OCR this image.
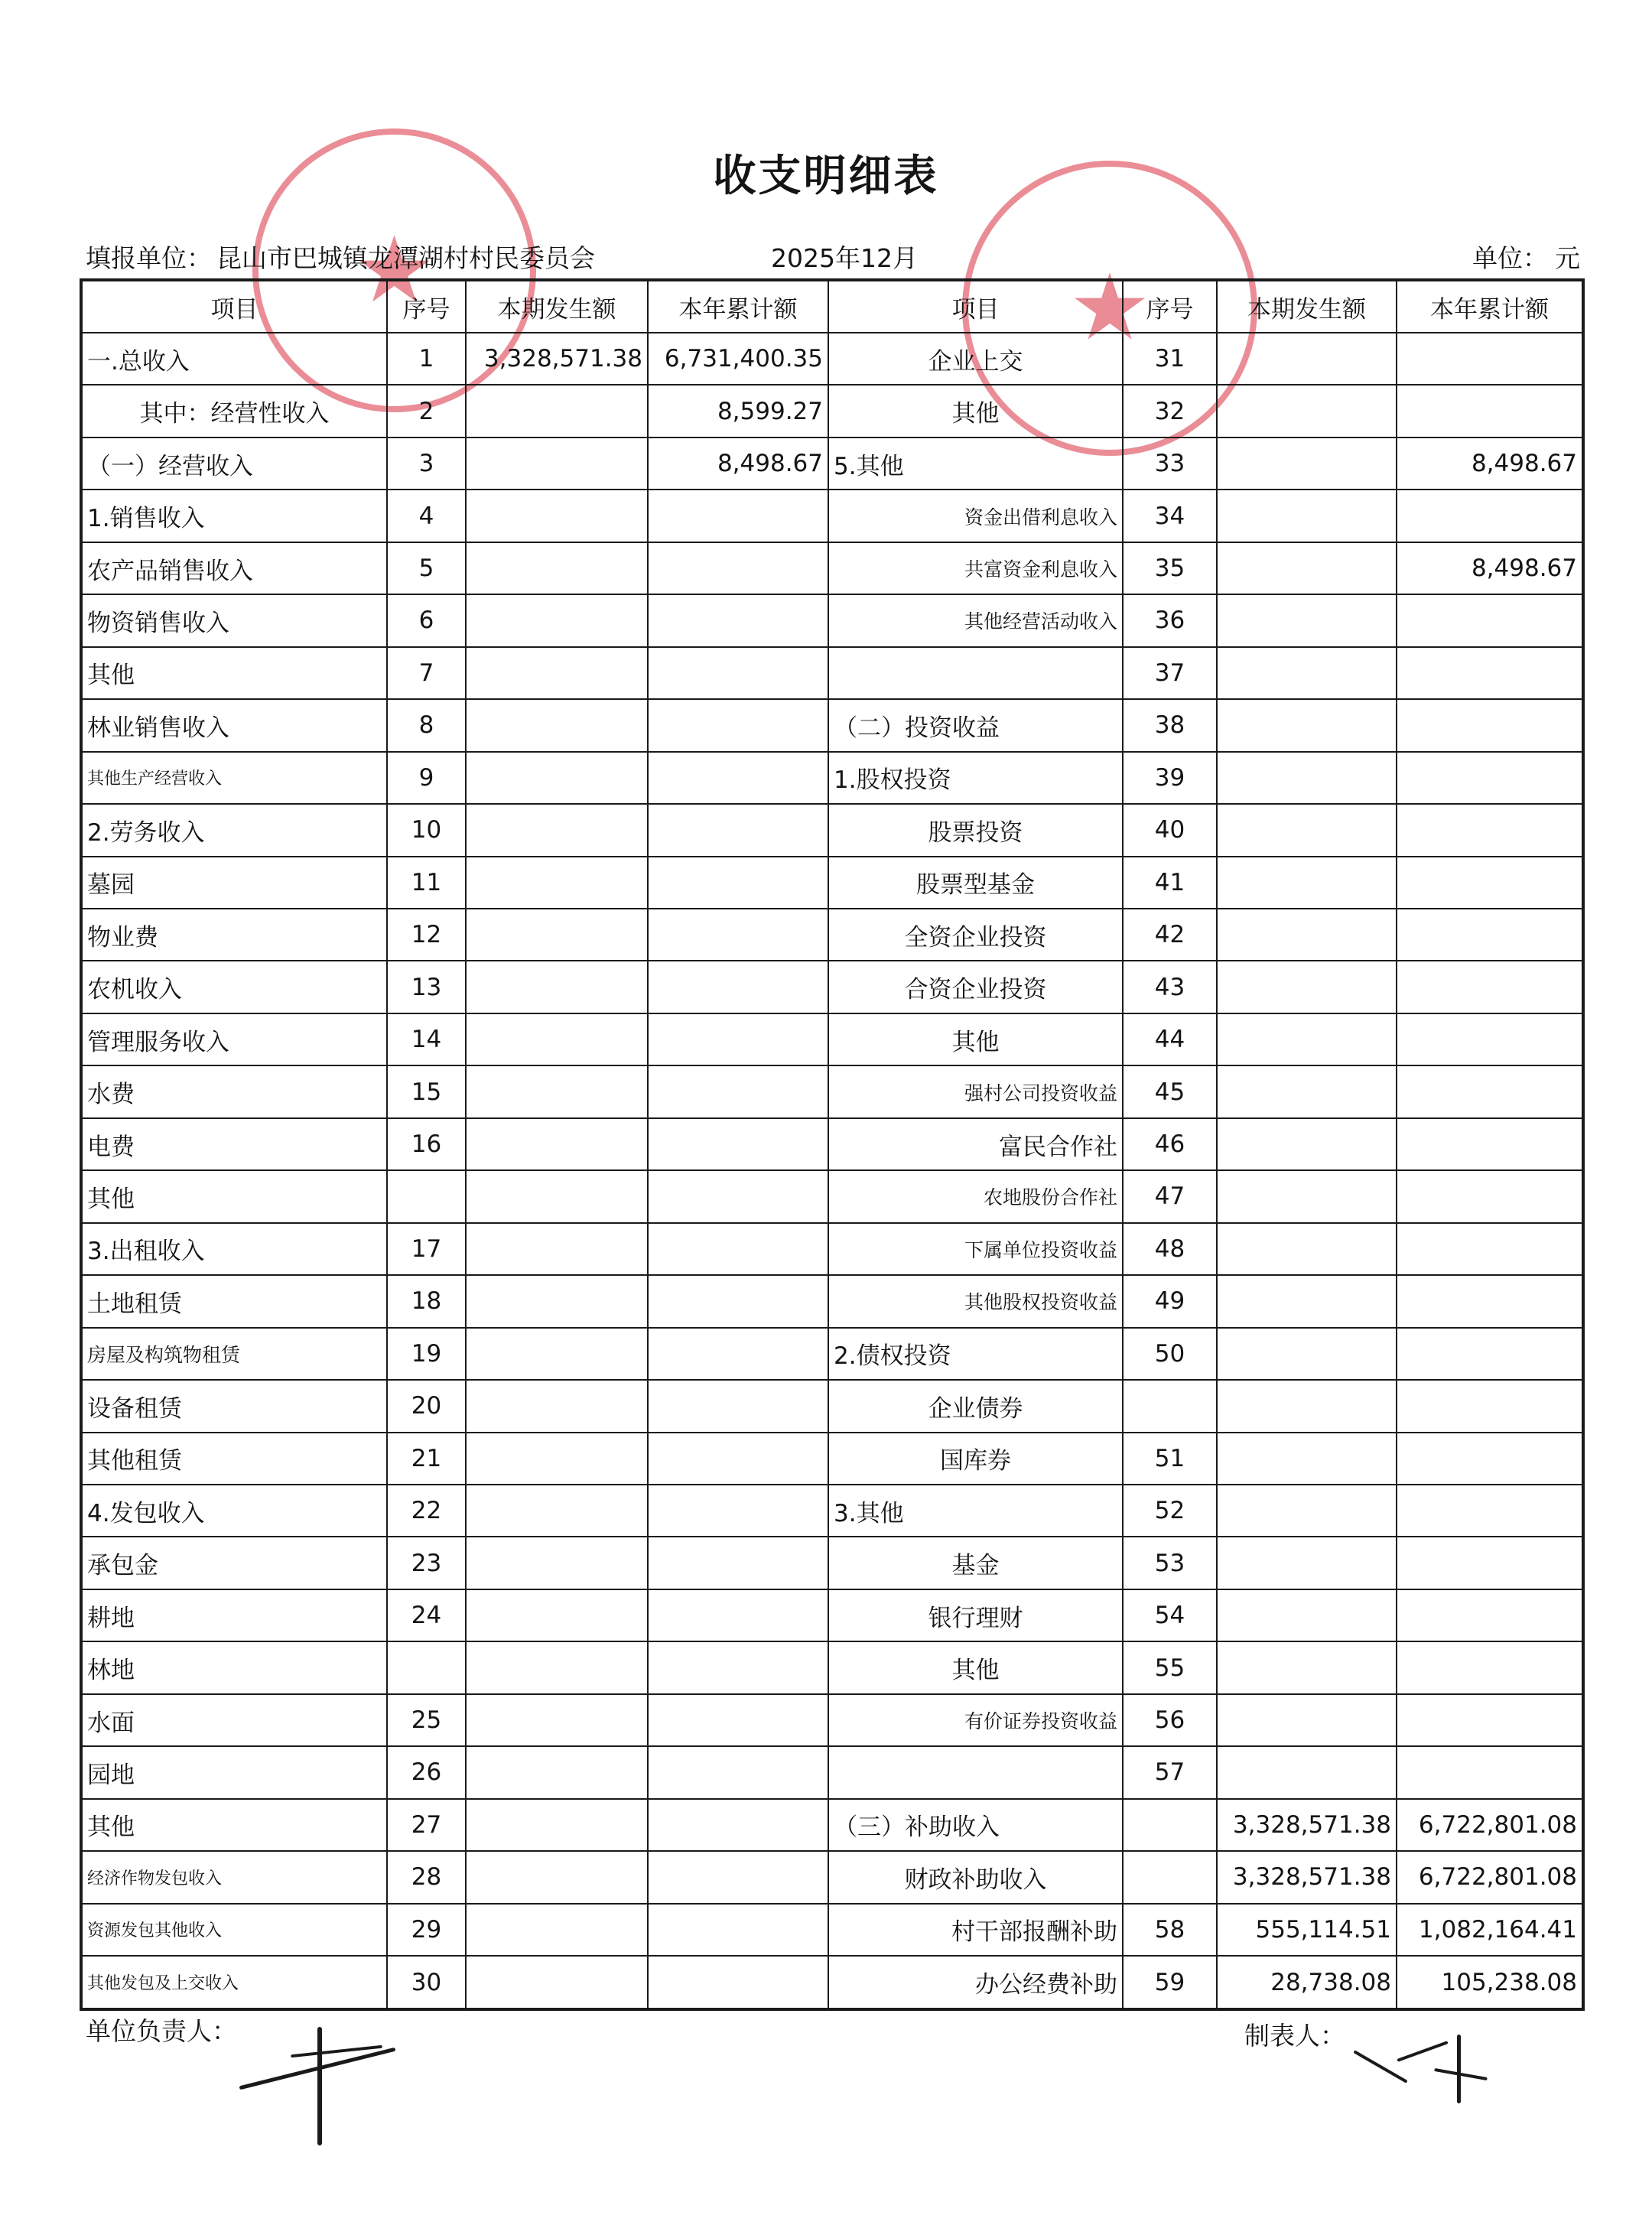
★
★
收支明细表
填报单位： 昆山市巴城镇龙潭湖村村民委员会	2025年12月	单位： 元
项目	序号	本期发生额	本年累计额	项目	序号	本期发生额	本年累计额
一.总收入	1	3,328,571.38	6,731,400.35	企业上交	31		
其中：经营性收入	2		8,599.27	其他	32		
（一）经营收入	3		8,498.67	5.其他	33		8,498.67
1.销售收入	4			资金出借利息收入	34		
农产品销售收入	5			共富资金利息收入	35		8,498.67
物资销售收入	6			其他经营活动收入	36		
其他	7				37		
林业销售收入	8			（二）投资收益	38		
其他生产经营收入	9			1.股权投资	39		
2.劳务收入	10			股票投资	40		
墓园	11			股票型基金	41		
物业费	12			全资企业投资	42		
农机收入	13			合资企业投资	43		
管理服务收入	14			其他	44		
水费	15			强村公司投资收益	45		
电费	16			富民合作社	46		
其他				农地股份合作社	47		
3.出租收入	17			下属单位投资收益	48		
土地租赁	18			其他股权投资收益	49		
房屋及构筑物租赁	19			2.债权投资	50		
设备租赁	20			企业债券			
其他租赁	21			国库券	51		
4.发包收入	22			3.其他	52		
承包金	23			基金	53		
耕地	24			银行理财	54		
林地				其他	55		
水面	25			有价证券投资收益	56		
园地	26				57		
其他	27			（三）补助收入		3,328,571.38	6,722,801.08
经济作物发包收入	28			财政补助收入		3,328,571.38	6,722,801.08
资源发包其他收入	29			村干部报酬补助	58	555,114.51	1,082,164.41
其他发包及上交收入	30			办公经费补助	59	28,738.08	105,238.08
单位负责人：	制表人：
